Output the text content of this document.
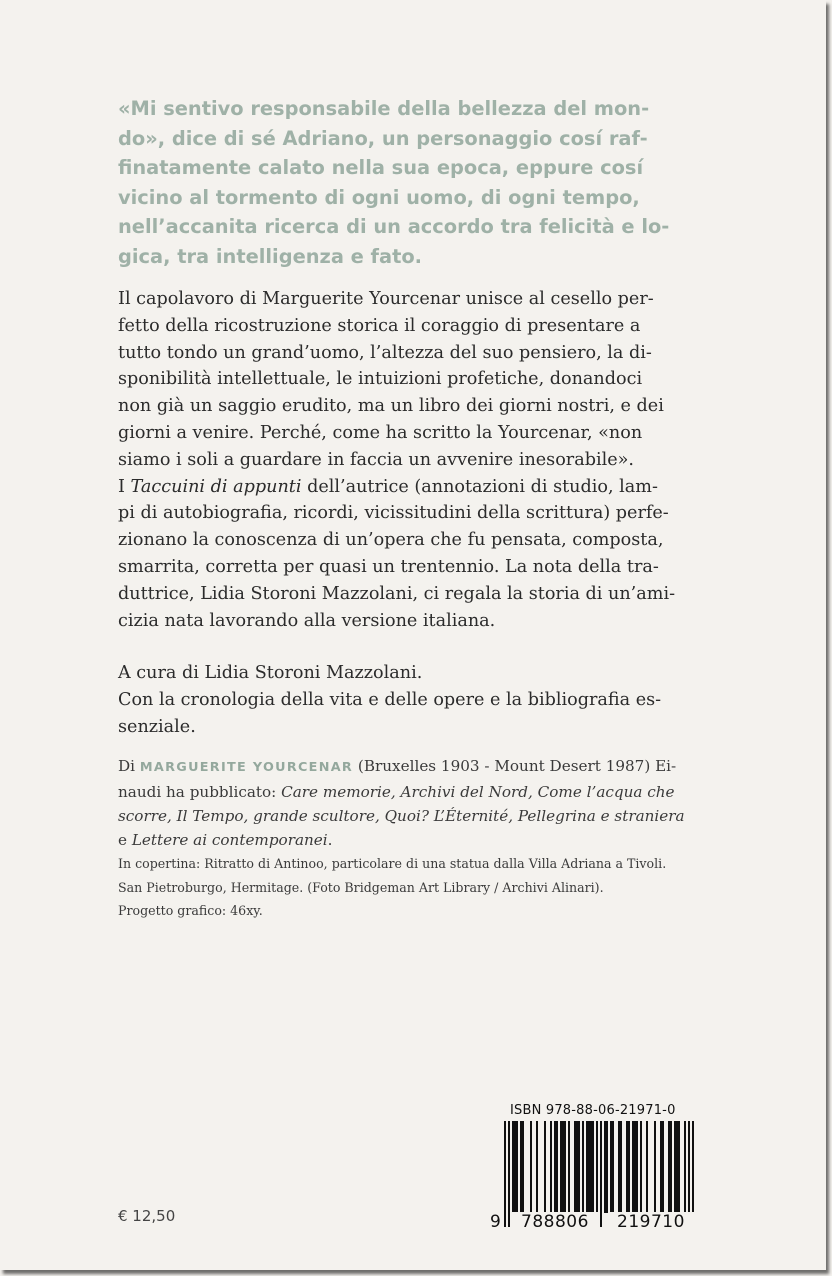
«Mi sentivo responsabile della bellezza del mon-
do», dice di sé Adriano, un personaggio cosí raf-
finatamente calato nella sua epoca, eppure cosí
vicino al tormento di ogni uomo, di ogni tempo,
nell’accanita ricerca di un accordo tra felicità e lo-
gica, tra intelligenza e fato.
Il capolavoro di Marguerite Yourcenar unisce al cesello per-
fetto della ricostruzione storica il coraggio di presentare a
tutto tondo un grand’uomo, l’altezza del suo pensiero, la di-
sponibilità intellettuale, le intuizioni profetiche, donandoci
non già un saggio erudito, ma un libro dei giorni nostri, e dei
giorni a venire. Perché, come ha scritto la Yourcenar, «non
siamo i soli a guardare in faccia un avvenire inesorabile».
I Taccuini di appunti dell’autrice (annotazioni di studio, lam-
pi di autobiografia, ricordi, vicissitudini della scrittura) perfe-
zionano la conoscenza di un’opera che fu pensata, composta,
smarrita, corretta per quasi un trentennio. La nota della tra-
duttrice, Lidia Storoni Mazzolani, ci regala la storia di un’ami-
cizia nata lavorando alla versione italiana.
A cura di Lidia Storoni Mazzolani.
Con la cronologia della vita e delle opere e la bibliografia es-
senziale.
Di MARGUERITE YOURCENAR (Bruxelles 1903 - Mount Desert 1987) Ei-
naudi ha pubblicato: Care memorie, Archivi del Nord, Come l’acqua che
scorre, Il Tempo, grande scultore, Quoi? L’Éternité, Pellegrina e straniera
e Lettere ai contemporanei.
In copertina: Ritratto di Antinoo, particolare di una statua dalla Villa Adriana a Tivoli.
San Pietroburgo, Hermitage. (Foto Bridgeman Art Library / Archivi Alinari).
Progetto grafico: 46xy.
ISBN 978-88-06-21971-0
9	788806	219710
€ 12,50
